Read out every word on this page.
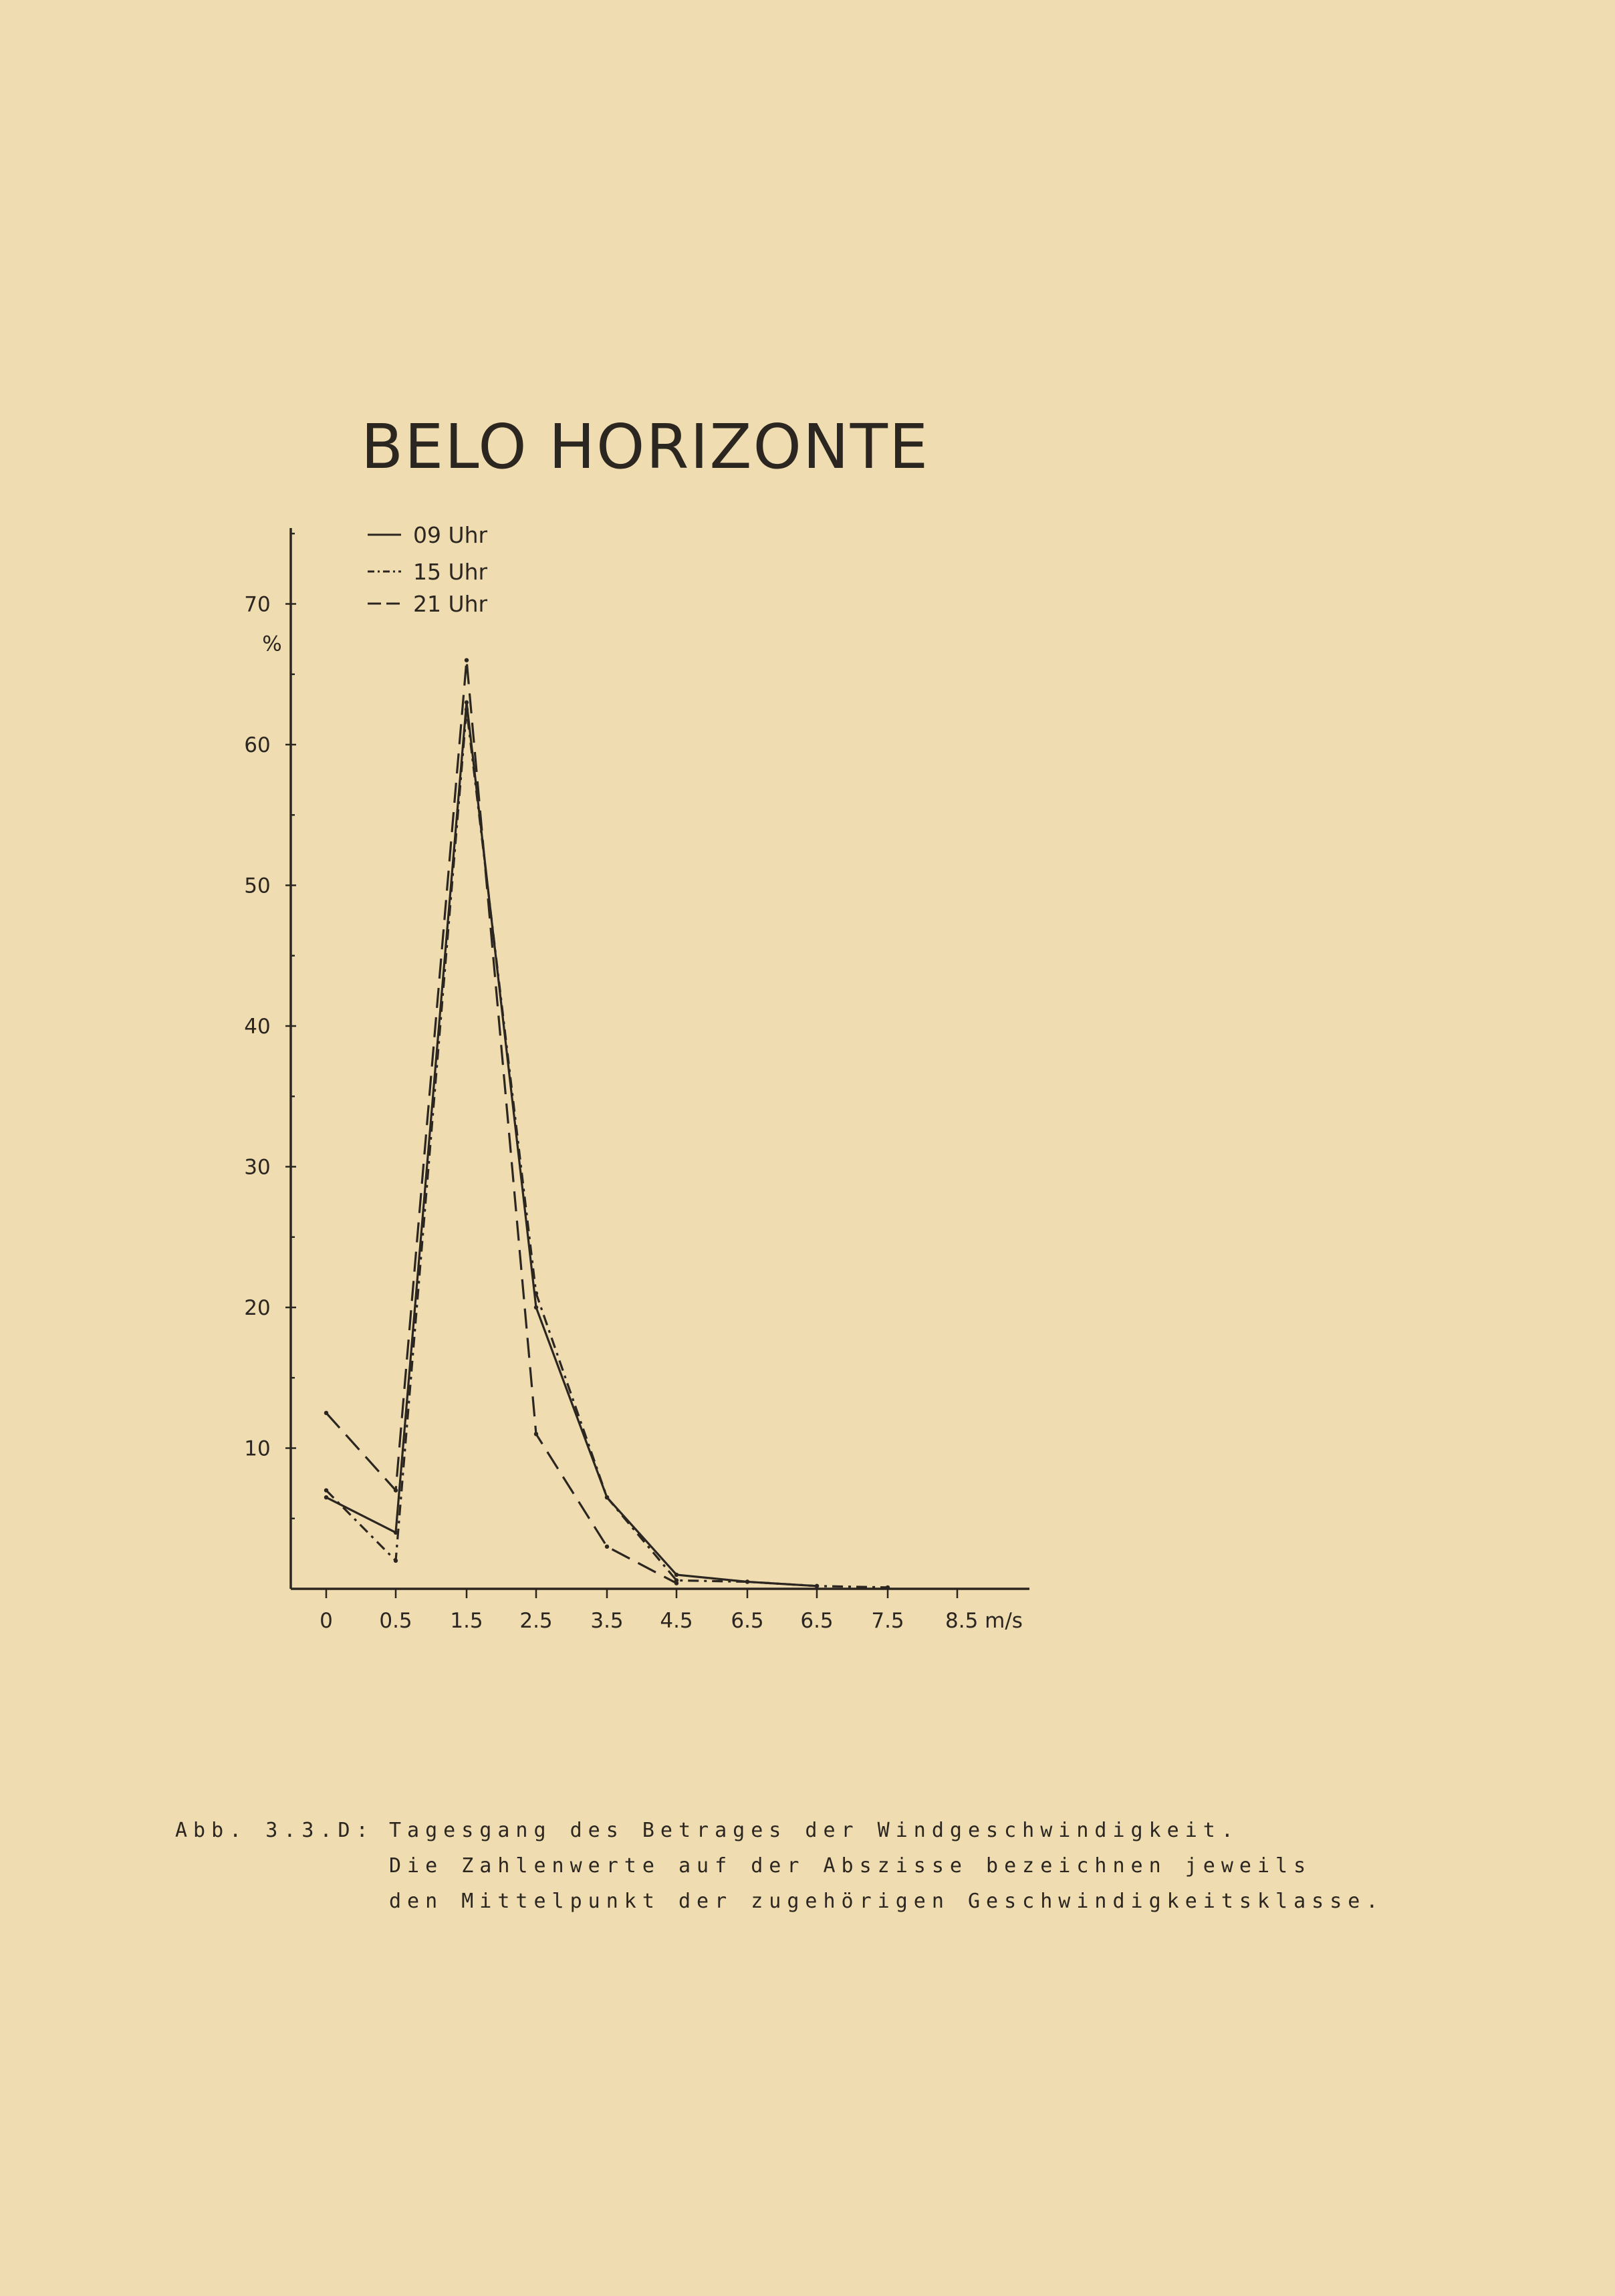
BELO HORIZONTE
10
20
30
40
50
60
70
%
0 0.5 1.5 2.5 3.5 4.5 6.5 6.5 7.5 8.5 m/s
09 Uhr
15 Uhr
21 Uhr
Abb. 3.3.D: Tagesgang des Betrages der Windgeschwindigkeit.
Die Zahlenwerte auf der Abszisse bezeichnen jeweils
den Mittelpunkt der zugehörigen Geschwindigkeitsklasse.
